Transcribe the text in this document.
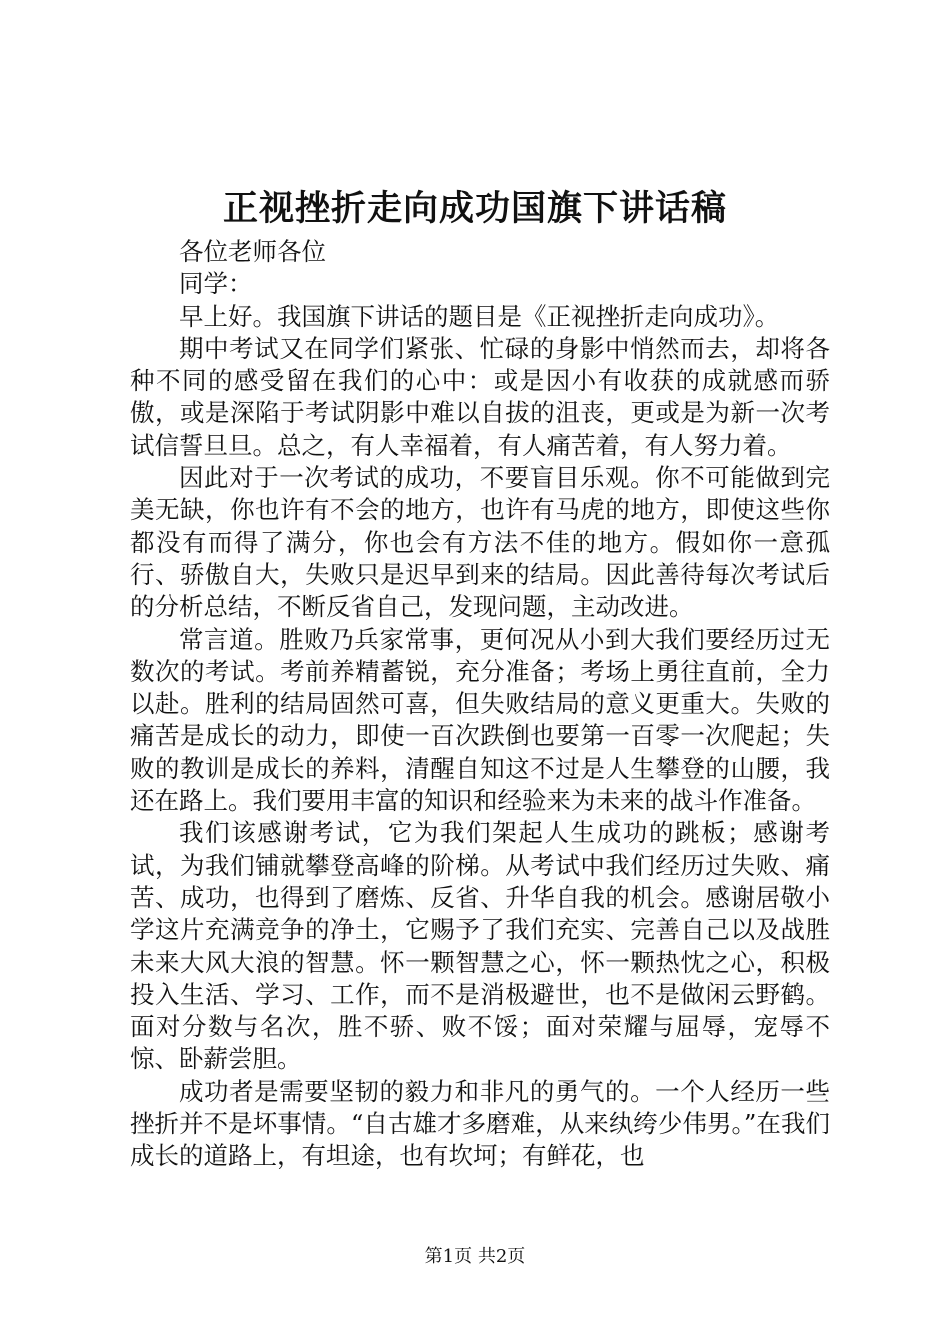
正视挫折走向成功国旗下讲话稿

各位老师各位

同学：

早上好。我国旗下讲话的题目是《正视挫折走向成功》。

期中考试又在同学们紧张、忙碌的身影中悄然而去，却将各种不同的感受留在我们的心中：或是因小有收获的成就感而骄傲，或是深陷于考试阴影中难以自拔的沮丧，更或是为新一次考试信誓旦旦。总之，有人幸福着，有人痛苦着，有人努力着。

因此对于一次考试的成功，不要盲目乐观。你不可能做到完美无缺，你也许有不会的地方，也许有马虎的地方，即使这些你都没有而得了满分，你也会有方法不佳的地方。假如你一意孤行、骄傲自大，失败只是迟早到来的结局。因此善待每次考试后的分析总结，不断反省自己，发现问题，主动改进。

常言道。胜败乃兵家常事，更何况从小到大我们要经历过无数次的考试。考前养精蓄锐，充分准备；考场上勇往直前，全力以赴。胜利的结局固然可喜，但失败结局的意义更重大。失败的痛苦是成长的动力，即使一百次跌倒也要第一百零一次爬起；失败的教训是成长的养料，清醒自知这不过是人生攀登的山腰，我还在路上。我们要用丰富的知识和经验来为未来的战斗作准备。

我们该感谢考试，它为我们架起人生成功的跳板；感谢考试，为我们铺就攀登高峰的阶梯。从考试中我们经历过失败、痛苦、成功，也得到了磨炼、反省、升华自我的机会。感谢居敬小学这片充满竞争的净土，它赐予了我们充实、完善自己以及战胜未来大风大浪的智慧。怀一颗智慧之心，怀一颗热忱之心，积极投入生活、学习、工作，而不是消极避世，也不是做闲云野鹤。面对分数与名次，胜不骄、败不馁；面对荣耀与屈辱，宠辱不惊、卧薪尝胆。

成功者是需要坚韧的毅力和非凡的勇气的。一个人经历一些挫折并不是坏事情。“自古雄才多磨难，从来纨绔少伟男。”在我们成长的道路上，有坦途，也有坎坷；有鲜花，也

第1页 共2页
